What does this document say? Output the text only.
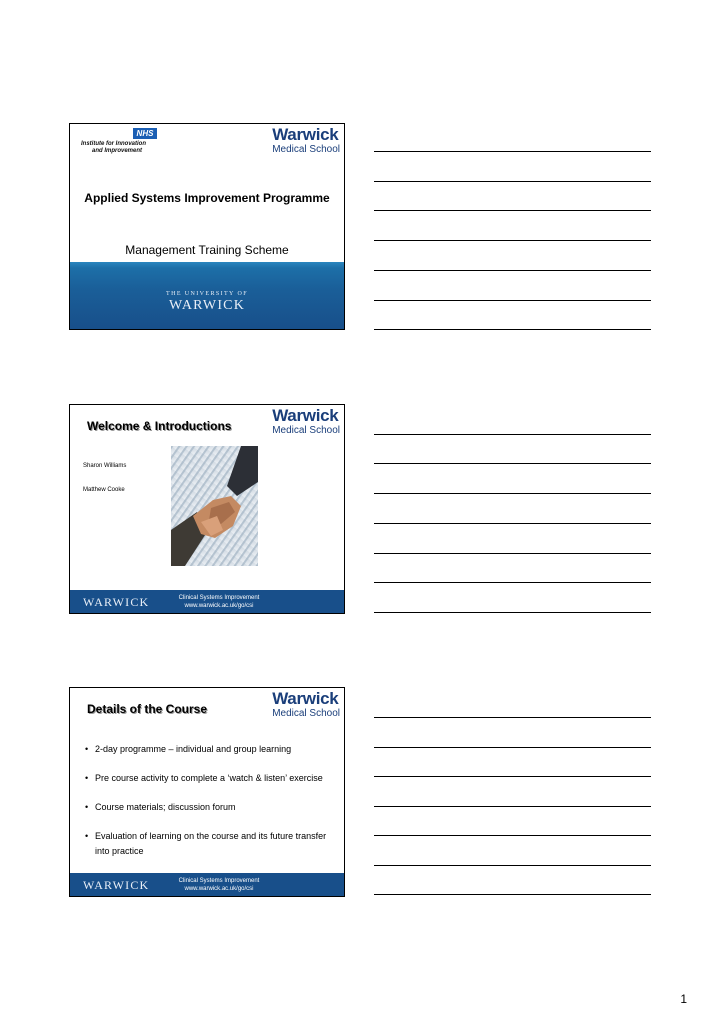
NHS
Institute for Innovation
and Improvement
Warwick
Medical School
Applied Systems Improvement Programme
Management Training Scheme
THE UNIVERSITY OF
WARWICK
Warwick
Medical School
Welcome & Introductions
Sharon Williams
Matthew Cooke
WARWICK	Clinical Systems Improvement
www.warwick.ac.uk/go/csi
Warwick
Medical School
Details of the Course
• 2-day programme – individual and group learning
• Pre course activity to complete a ‘watch & listen’ exercise
• Course materials; discussion forum
• Evaluation of learning on the course and its future transfer into practice
WARWICK	Clinical Systems Improvement
www.warwick.ac.uk/go/csi
1
